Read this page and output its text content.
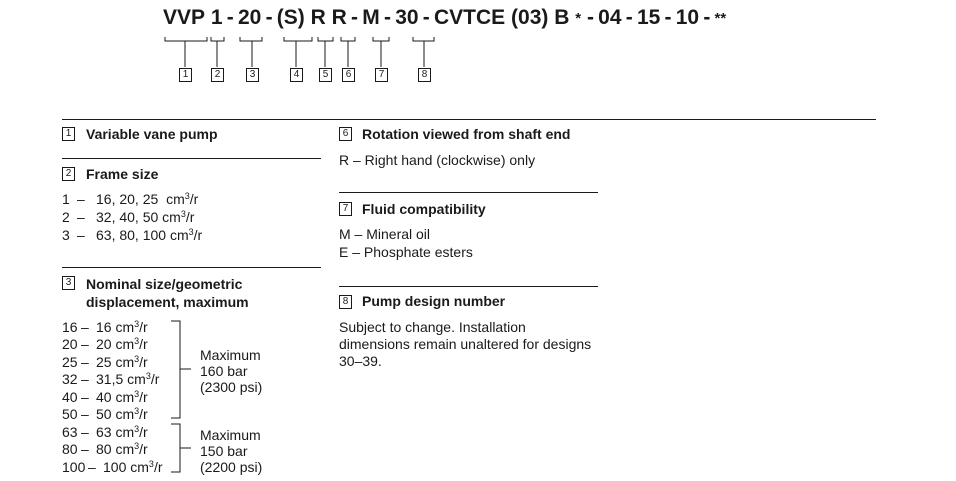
VVP
1
  -
  20
  -
  (S)
R
R
  -
  M
  -
  30
  -
  CVTCE
(03)
B
*
-
  04
  -
  15
  -
  10
  -
  **
1	2	3	4	5	6	7	8
1 Variable vane pump
2 Frame size
1 – 16, 20, 25 $cm^3/r$
2 – 32, 40, 50 $cm^3/r$
3 – 63, 80, 100 $cm^3/r$
3 Nominal size/geometric
displacement, maximum
16 – 16 $cm^3/r$
20 – 20 $cm^3/r$
25 – 25 $cm^3/r$
32 – 31,5 $cm^3/r$
40 – 40 $cm^3/r$
50 – 50 $cm^3/r$
63 – 63 $cm^3/r$
80 – 80 $cm^3/r$
100 – 100 $cm^3/r$
Maximum
160 bar
(2300 psi)
Maximum
150 bar
(2200 psi)
6 Rotation viewed from shaft end
R – Right hand (clockwise) only
7 Fluid compatibility
M – Mineral oil
E – Phosphate esters
8 Pump design number
Subject to change. Installation
dimensions remain unaltered for designs
30–39.
